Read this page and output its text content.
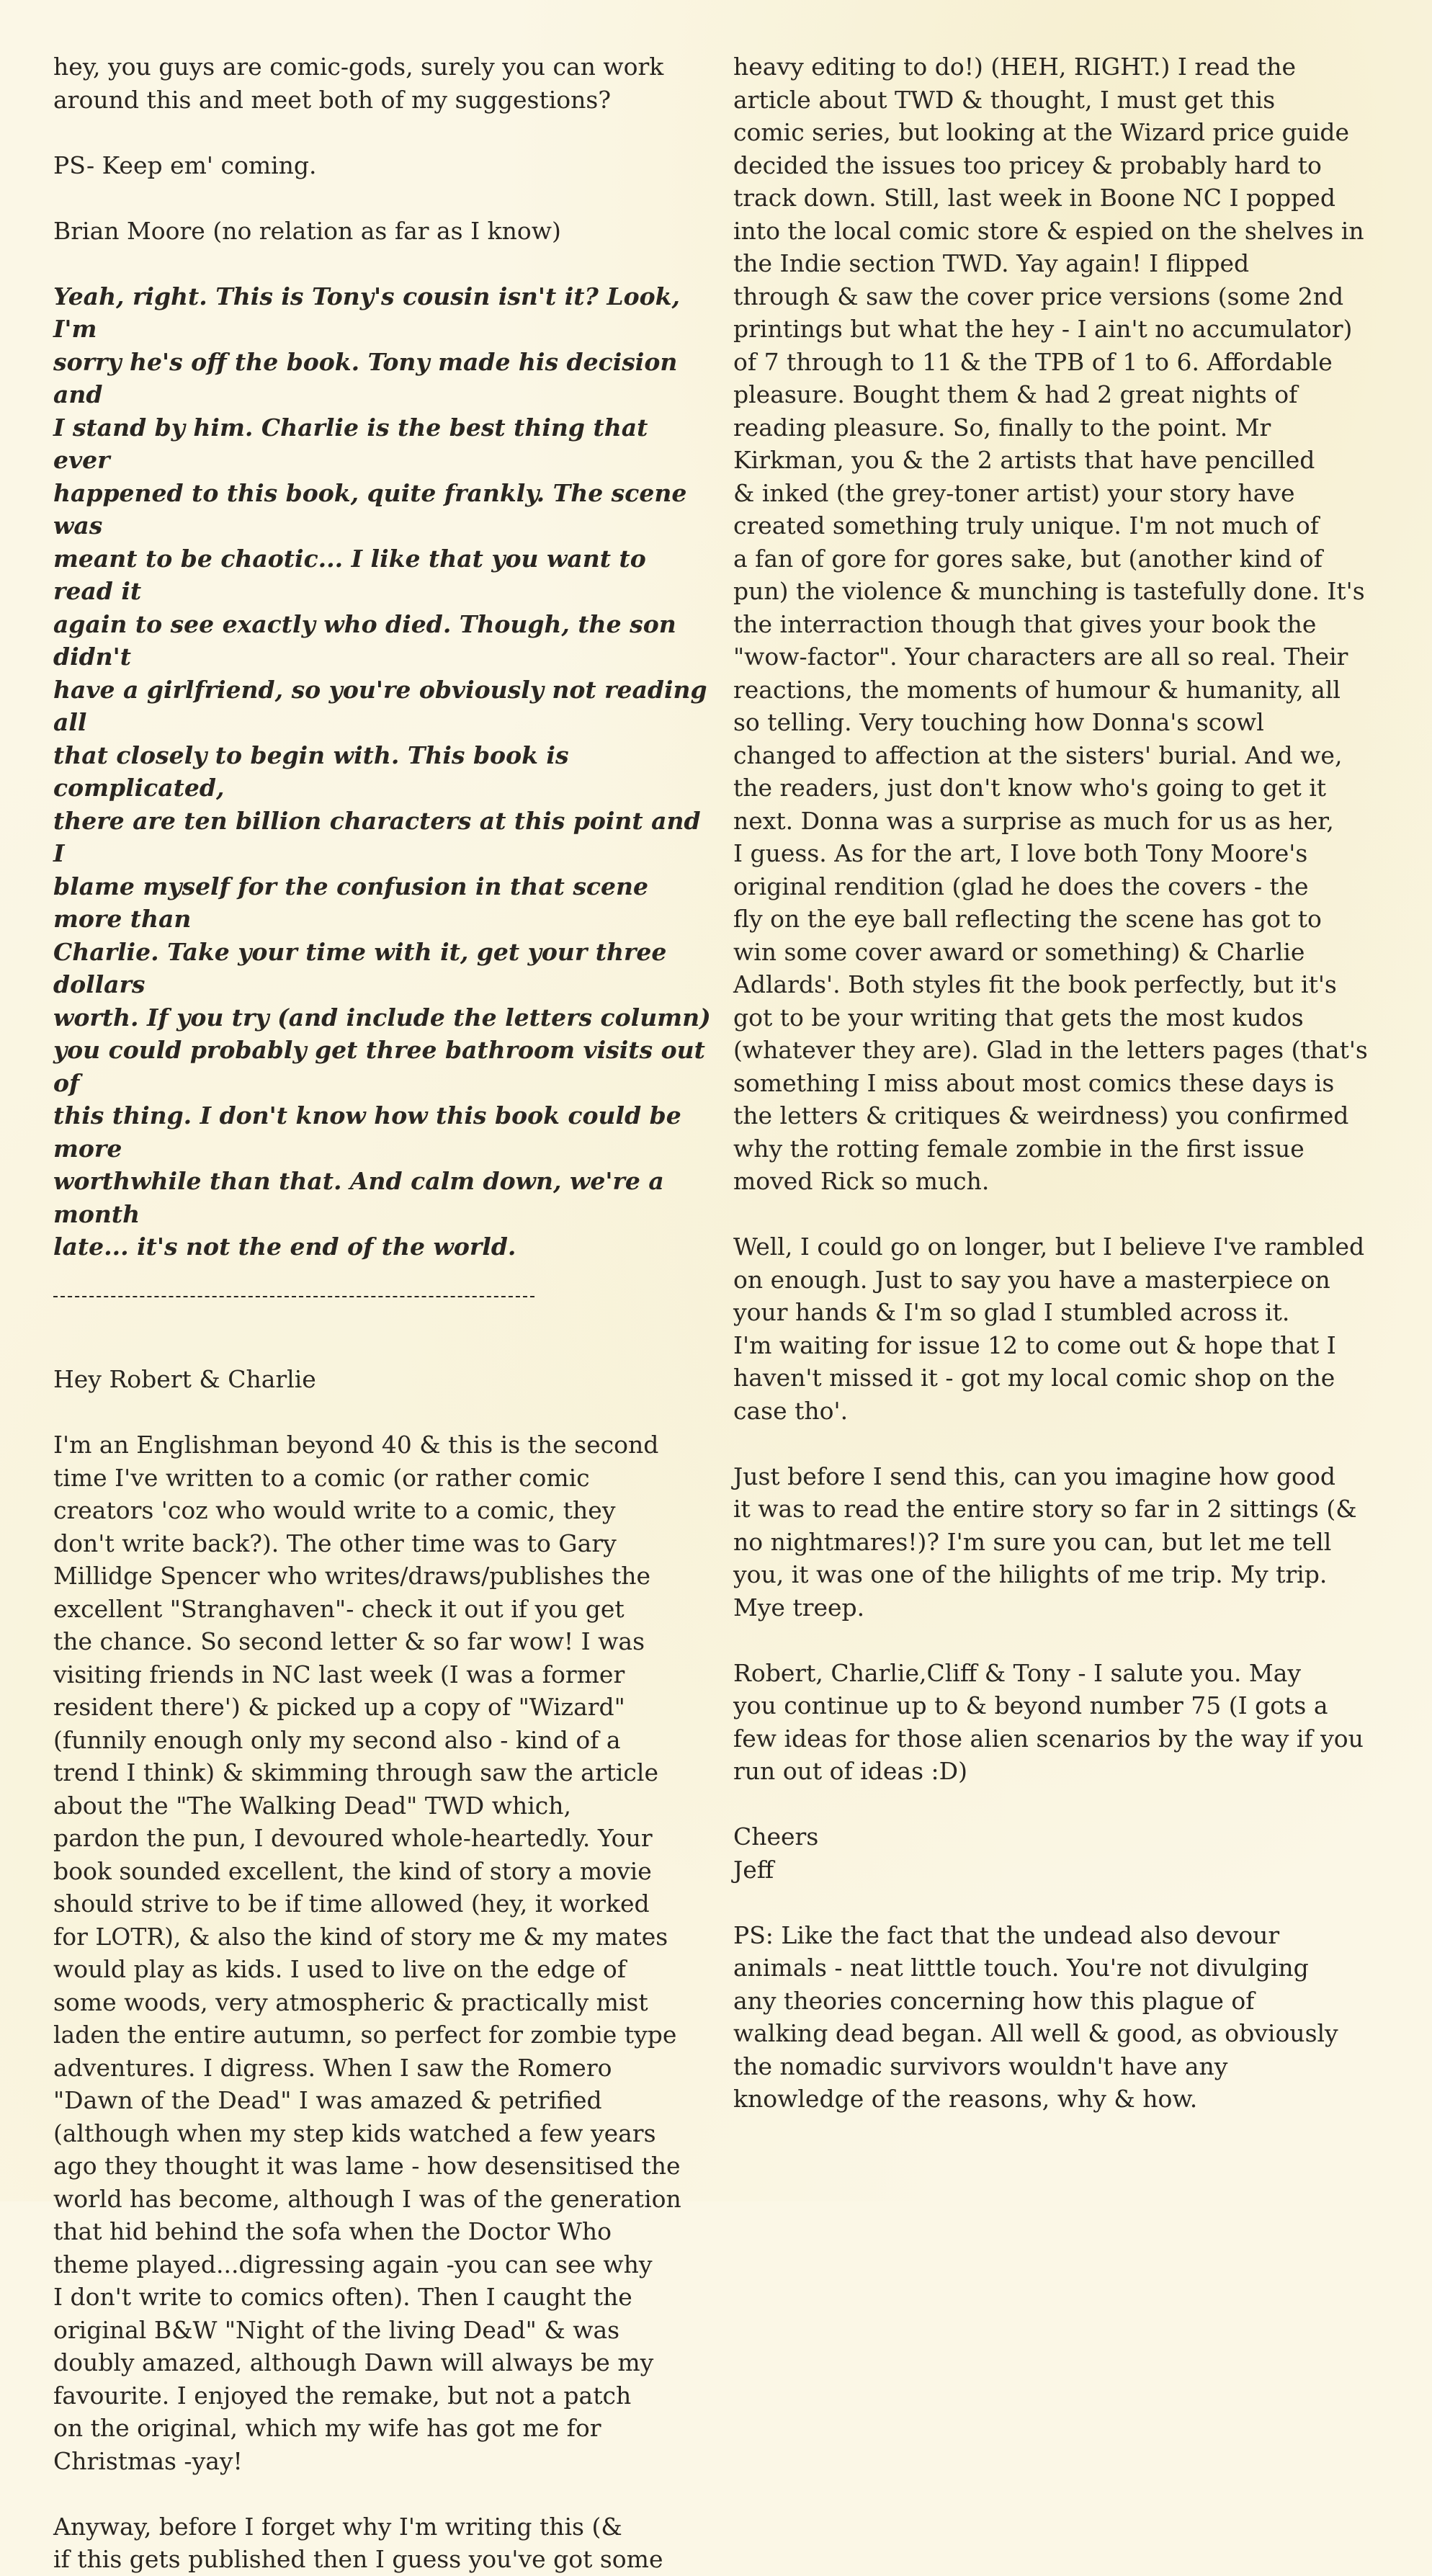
hey, you guys are comic-gods, surely you can work
around this and meet both of my suggestions?

PS- Keep em' coming.

Brian Moore (no relation as far as I know)

Yeah, right. This is Tony's cousin isn't it? Look, I'm
sorry he's off the book. Tony made his decision and
I stand by him. Charlie is the best thing that ever
happened to this book, quite frankly. The scene was
meant to be chaotic... I like that you want to read it
again to see exactly who died. Though, the son didn't
have a girlfriend, so you're obviously not reading all
that closely to begin with. This book is complicated,
there are ten billion characters at this point and I
blame myself for the confusion in that scene more than
Charlie. Take your time with it, get your three dollars
worth. If you try (and include the letters column)
you could probably get three bathroom visits out of
this thing. I don't know how this book could be more
worthwhile than that. And calm down, we're a month
late... it's not the end of the world.

Hey Robert & Charlie

I'm an Englishman beyond 40 & this is the second
time I've written to a comic (or rather comic
creators 'coz who would write to a comic, they
don't write back?). The other time was to Gary
Millidge Spencer who writes/draws/publishes the
excellent "Stranghaven"- check it out if you get
the chance. So second letter & so far wow! I was
visiting friends in NC last week (I was a former
resident there') & picked up a copy of "Wizard"
(funnily enough only my second also - kind of a
trend I think) & skimming through saw the article
about the "The Walking Dead" TWD which,
pardon the pun, I devoured whole-heartedly. Your
book sounded excellent, the kind of story a movie
should strive to be if time allowed (hey, it worked
for LOTR), & also the kind of story me & my mates
would play as kids. I used to live on the edge of
some woods, very atmospheric & practically mist
laden the entire autumn, so perfect for zombie type
adventures. I digress. When I saw the Romero
"Dawn of the Dead" I was amazed & petrified
(although when my step kids watched a few years
ago they thought it was lame - how desensitised the
world has become, although I was of the generation
that hid behind the sofa when the Doctor Who
theme played...digressing again -you can see why
I don't write to comics often). Then I caught the
original B&W "Night of the living Dead" & was
doubly amazed, although Dawn will always be my
favourite. I enjoyed the remake, but not a patch
on the original, which my wife has got me for
Christmas -yay!

Anyway, before I forget why I'm writing this (&
if this gets published then I guess you've got some

heavy editing to do!) (HEH, RIGHT.) I read the
article about TWD & thought, I must get this
comic series, but looking at the Wizard price guide
decided the issues too pricey & probably hard to
track down. Still, last week in Boone NC I popped
into the local comic store & espied on the shelves in
the Indie section TWD. Yay again! I flipped
through & saw the cover price versions (some 2nd
printings but what the hey - I ain't no accumulator)
of 7 through to 11 & the TPB of 1 to 6. Affordable
pleasure. Bought them & had 2 great nights of
reading pleasure. So, finally to the point. Mr
Kirkman, you & the 2 artists that have pencilled
& inked (the grey-toner artist) your story have
created something truly unique. I'm not much of
a fan of gore for gores sake, but (another kind of
pun) the violence & munching is tastefully done. It's
the interraction though that gives your book the
"wow-factor". Your characters are all so real. Their
reactions, the moments of humour & humanity, all
so telling. Very touching how Donna's scowl
changed to affection at the sisters' burial. And we,
the readers, just don't know who's going to get it
next. Donna was a surprise as much for us as her,
I guess. As for the art, I love both Tony Moore's
original rendition (glad he does the covers - the
fly on the eye ball reflecting the scene has got to
win some cover award or something) & Charlie
Adlards'. Both styles fit the book perfectly, but it's
got to be your writing that gets the most kudos
(whatever they are). Glad in the letters pages (that's
something I miss about most comics these days is
the letters & critiques & weirdness) you confirmed
why the rotting female zombie in the first issue
moved Rick so much.

Well, I could go on longer, but I believe I've rambled
on enough. Just to say you have a masterpiece on
your hands & I'm so glad I stumbled across it.
I'm waiting for issue 12 to come out & hope that I
haven't missed it - got my local comic shop on the
case tho'.

Just before I send this, can you imagine how good
it was to read the entire story so far in 2 sittings (&
no nightmares!)? I'm sure you can, but let me tell
you, it was one of the hilights of me trip. My trip.
Mye treep.

Robert, Charlie,Cliff & Tony - I salute you. May
you continue up to & beyond number 75 (I gots a
few ideas for those alien scenarios by the way if you
run out of ideas :D)

Cheers

Jeff

PS: Like the fact that the undead also devour
animals - neat litttle touch. You're not divulging
any theories concerning how this plague of
walking dead began. All well & good, as obviously
the nomadic survivors wouldn't have any
knowledge of the reasons, why & how.
